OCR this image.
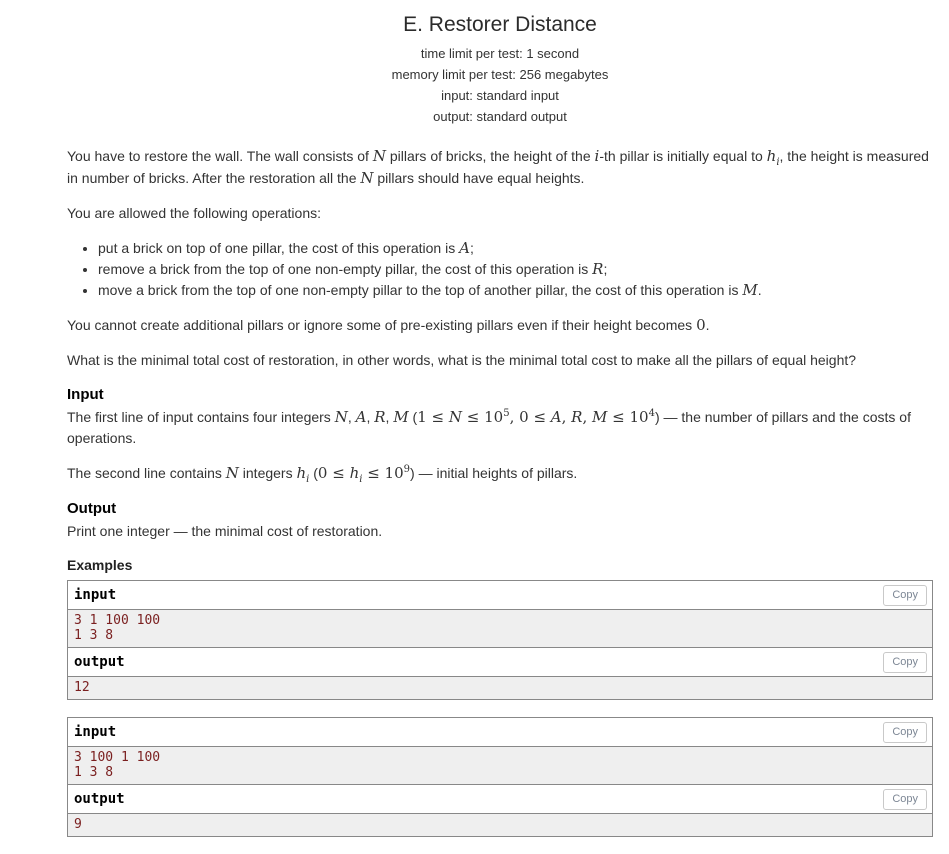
E. Restorer Distance
time limit per test: 1 second
memory limit per test: 256 megabytes
input: standard input
output: standard output

You have to restore the wall. The wall consists of N pillars of bricks, the height of the i-th pillar is initially equal to $h_i$, the height is measured in number of bricks. After the restoration all the N pillars should have equal heights.

You are allowed the following operations:

• put a brick on top of one pillar, the cost of this operation is A;
• remove a brick from the top of one non-empty pillar, the cost of this operation is R;
• move a brick from the top of one non-empty pillar to the top of another pillar, the cost of this operation is M.

You cannot create additional pillars or ignore some of pre-existing pillars even if their height becomes 0.

What is the minimal total cost of restoration, in other words, what is the minimal total cost to make all the pillars of equal height?

Input

The first line of input contains four integers N, A, R, M ($1 \le N \le 10^5$, 0 ≤ A, R, $M \le 10^4$) — the number of pillars and the costs of operations.

The second line contains N integers $h_i$ $(0 \le h_i \le 10^9)$ — initial heights of pillars.

Output

Print one integer — the minimal cost of restoration.

Examples
input	Copy
3 1 100 100
1 3 8
output	Copy
12
input	Copy
3 100 1 100
1 3 8
output	Copy
9
